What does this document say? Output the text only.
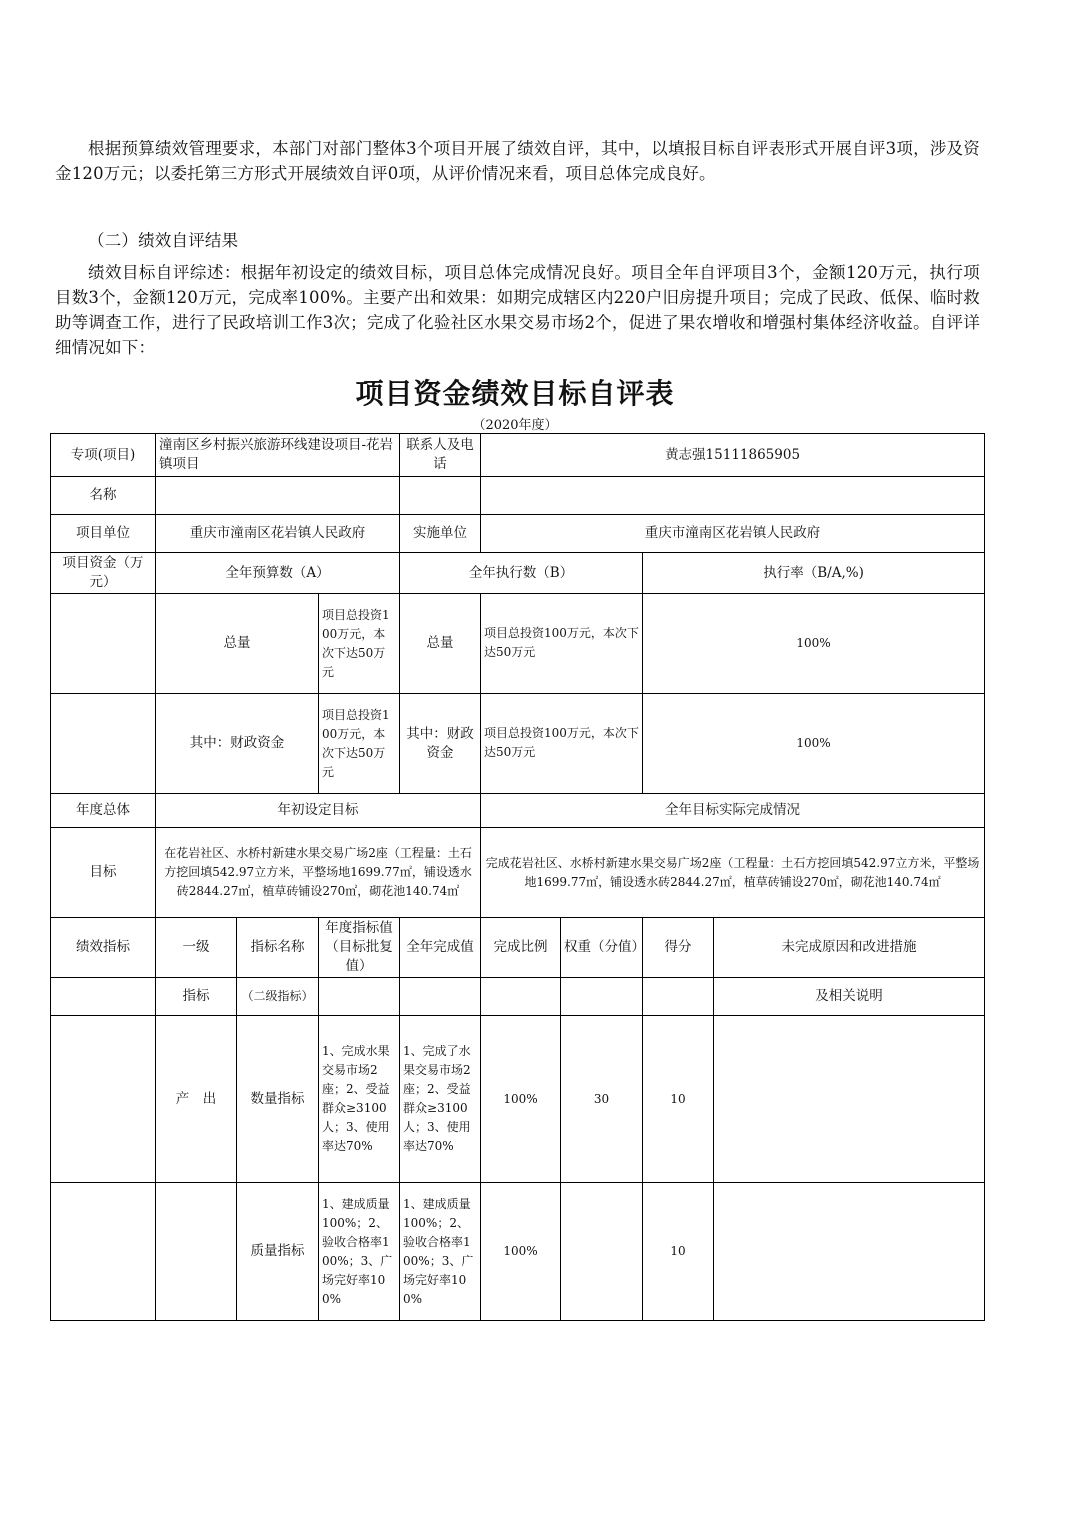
根据预算绩效管理要求，本部门对部门整体3个项目开展了绩效自评，其中，以填报目标自评表形式开展自评3项，涉及资金120万元；以委托第三方形式开展绩效自评0项，从评价情况来看，项目总体完成良好。

（二）绩效自评结果

绩效目标自评综述：根据年初设定的绩效目标，项目总体完成情况良好。项目全年自评项目3个，金额120万元，执行项目数3个，金额120万元，完成率100%。主要产出和效果：如期完成辖区内220户旧房提升项目；完成了民政、低保、临时救助等调查工作，进行了民政培训工作3次；完成了化验社区水果交易市场2个，促进了果农增收和增强村集体经济收益。自评详细情况如下：

项目资金绩效目标自评表
（2020年度）
专项(项目)	潼南区乡村振兴旅游环线建设项目-花岩镇项目			联系人及电话	黄志强15111865905			
名称								
项目单位	重庆市潼南区花岩镇人民政府			实施单位	重庆市潼南区花岩镇人民政府			
项目资金（万元）	全年预算数（A）			全年执行数（B）			执行率（B/A,%)	
	总量		项目总投资100万元，本次下达50万元	总量	项目总投资100万元，本次下达50万元		100%	
	其中：财政资金		项目总投资100万元，本次下达50万元	其中：财政资金	项目总投资100万元，本次下达50万元		100%	
年度总体	年初设定目标				全年目标实际完成情况			
目标	在花岩社区、水桥村新建水果交易广场2座（工程量：土石方挖回填542.97立方米，平整场地1699.77㎡，铺设透水砖2844.27㎡，植草砖铺设270㎡，砌花池140.74㎡				完成花岩社区、水桥村新建水果交易广场2座（工程量：土石方挖回填542.97立方米，平整场地1699.77㎡，铺设透水砖2844.27㎡，植草砖铺设270㎡，砌花池140.74㎡			
绩效指标	一级	指标名称	年度指标值（目标批复值）	全年完成值	完成比例	权重（分值）	得分	未完成原因和改进措施
	指标	（二级指标）						及相关说明
	产　出	数量指标	1、完成水果交易市场2座；2、受益群众≥3100人；3、使用率达70%	1、完成了水果交易市场2座；2、受益群众≥3100人；3、使用率达70%	100%	30	10	
		质量指标	1、建成质量100%；2、验收合格率100%；3、广场完好率100%	1、建成质量100%；2、验收合格率100%；3、广场完好率100%	100%		10	
